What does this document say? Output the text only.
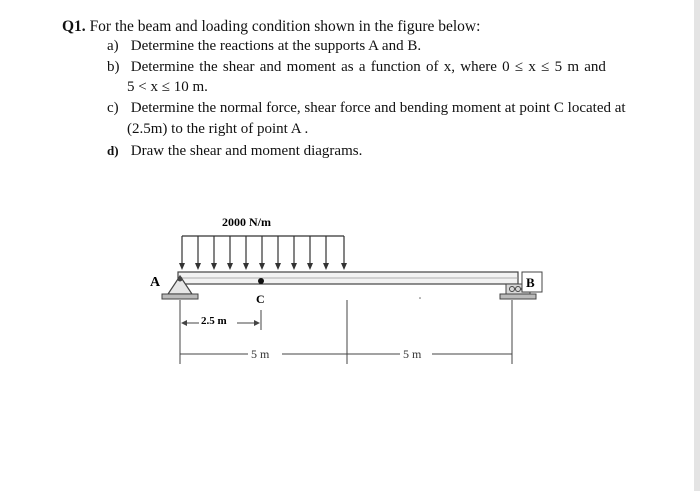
Q1. For the beam and loading condition shown in the figure below:
a) Determine the reactions at the supports A and B.
b) Determine the shear and moment as a function of x, where 0 ≤ x ≤ 5 m and
5 < x ≤ 10 m.
c) Determine the normal force, shear force and bending moment at point C located at
(2.5m) to the right of point A .
d) Draw the shear and moment diagrams.
2000 N/m
A	B
C
2.5 m
5 m	5 m
